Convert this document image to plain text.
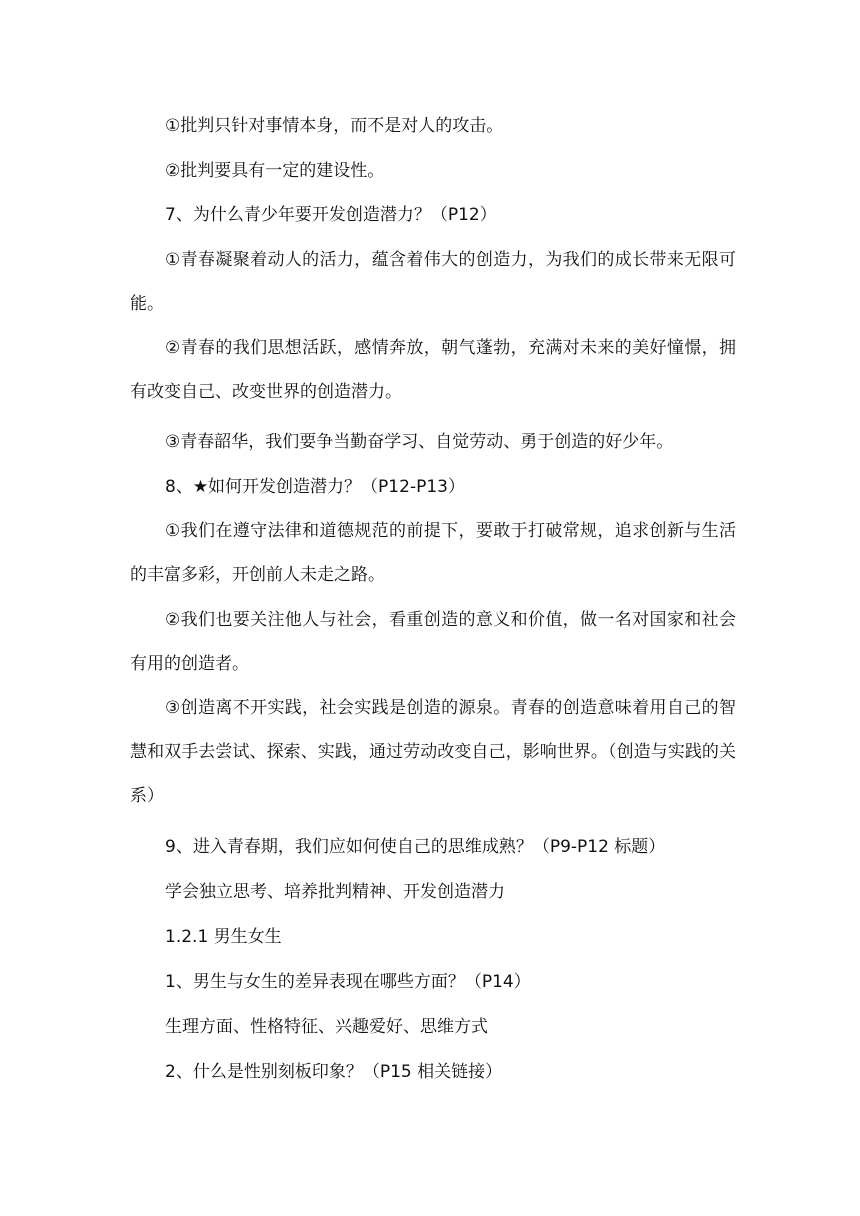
①批判只针对事情本身，而不是对人的攻击。

②批判要具有一定的建设性。

7、为什么青少年要开发创造潜力？（P12）

①青春凝聚着动人的活力，蕴含着伟大的创造力，为我们的成长带来无限可能。

②青春的我们思想活跃，感情奔放，朝气蓬勃，充满对未来的美好憧憬，拥有改变自己、改变世界的创造潜力。

③青春韶华，我们要争当勤奋学习、自觉劳动、勇于创造的好少年。

8、★如何开发创造潜力？（P12-P13）

①我们在遵守法律和道德规范的前提下，要敢于打破常规，追求创新与生活的丰富多彩，开创前人未走之路。

②我们也要关注他人与社会，看重创造的意义和价值，做一名对国家和社会有用的创造者。

③创造离不开实践，社会实践是创造的源泉。青春的创造意味着用自己的智慧和双手去尝试、探索、实践，通过劳动改变自己，影响世界。（创造与实践的关系）

9、进入青春期，我们应如何使自己的思维成熟？（P9-P12 标题）

学会独立思考、培养批判精神、开发创造潜力

1.2.1 男生女生

1、男生与女生的差异表现在哪些方面？（P14）

生理方面、性格特征、兴趣爱好、思维方式

2、什么是性别刻板印象？（P15 相关链接）
